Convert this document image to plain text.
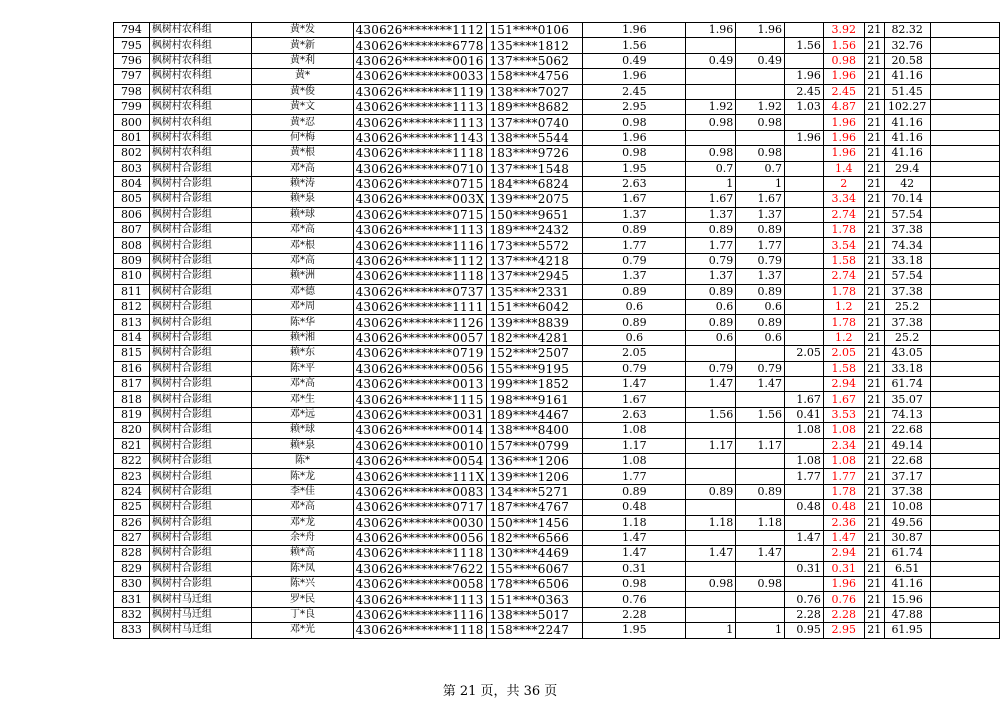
794	枫树村农科组	黄*发	430626********1112	151****0106	1.96	1.96	1.96		3.92	21	82.32	
795	枫树村农科组	黄*新	430626********6778	135****1812	1.56			1.56	1.56	21	32.76	
796	枫树村农科组	黄*利	430626********0016	137****5062	0.49	0.49	0.49		0.98	21	20.58	
797	枫树村农科组	黄*	430626********0033	158****4756	1.96			1.96	1.96	21	41.16	
798	枫树村农科组	黄*俊	430626********1119	138****7027	2.45			2.45	2.45	21	51.45	
799	枫树村农科组	黄*文	430626********1113	189****8682	2.95	1.92	1.92	1.03	4.87	21	102.27	
800	枫树村农科组	黄*忍	430626********1113	137****0740	0.98	0.98	0.98		1.96	21	41.16	
801	枫树村农科组	何*梅	430626********1143	138****5544	1.96			1.96	1.96	21	41.16	
802	枫树村农科组	黄*根	430626********1118	183****9726	0.98	0.98	0.98		1.96	21	41.16	
803	枫树村合影组	邓*高	430626********0710	137****1548	1.95	0.7	0.7		1.4	21	29.4	
804	枫树村合影组	赖*涛	430626********0715	184****6824	2.63	1	1		2	21	42	
805	枫树村合影组	赖*泉	430626********003X	139****2075	1.67	1.67	1.67		3.34	21	70.14	
806	枫树村合影组	赖*球	430626********0715	150****9651	1.37	1.37	1.37		2.74	21	57.54	
807	枫树村合影组	邓*高	430626********1113	189****2432	0.89	0.89	0.89		1.78	21	37.38	
808	枫树村合影组	邓*根	430626********1116	173****5572	1.77	1.77	1.77		3.54	21	74.34	
809	枫树村合影组	邓*高	430626********1112	137****4218	0.79	0.79	0.79		1.58	21	33.18	
810	枫树村合影组	赖*洲	430626********1118	137****2945	1.37	1.37	1.37		2.74	21	57.54	
811	枫树村合影组	邓*德	430626********0737	135****2331	0.89	0.89	0.89		1.78	21	37.38	
812	枫树村合影组	邓*周	430626********1111	151****6042	0.6	0.6	0.6		1.2	21	25.2	
813	枫树村合影组	陈*华	430626********1126	139****8839	0.89	0.89	0.89		1.78	21	37.38	
814	枫树村合影组	赖*湘	430626********0057	182****4281	0.6	0.6	0.6		1.2	21	25.2	
815	枫树村合影组	赖*东	430626********0719	152****2507	2.05			2.05	2.05	21	43.05	
816	枫树村合影组	陈*平	430626********0056	155****9195	0.79	0.79	0.79		1.58	21	33.18	
817	枫树村合影组	邓*高	430626********0013	199****1852	1.47	1.47	1.47		2.94	21	61.74	
818	枫树村合影组	邓*生	430626********1115	198****9161	1.67			1.67	1.67	21	35.07	
819	枫树村合影组	邓*远	430626********0031	189****4467	2.63	1.56	1.56	0.41	3.53	21	74.13	
820	枫树村合影组	赖*球	430626********0014	138****8400	1.08			1.08	1.08	21	22.68	
821	枫树村合影组	赖*泉	430626********0010	157****0799	1.17	1.17	1.17		2.34	21	49.14	
822	枫树村合影组	陈*	430626********0054	136****1206	1.08			1.08	1.08	21	22.68	
823	枫树村合影组	陈*龙	430626********111X	139****1206	1.77			1.77	1.77	21	37.17	
824	枫树村合影组	李*佳	430626********0083	134****5271	0.89	0.89	0.89		1.78	21	37.38	
825	枫树村合影组	邓*高	430626********0717	187****4767	0.48			0.48	0.48	21	10.08	
826	枫树村合影组	邓*龙	430626********0030	150****1456	1.18	1.18	1.18		2.36	21	49.56	
827	枫树村合影组	余*舟	430626********0056	182****6566	1.47			1.47	1.47	21	30.87	
828	枫树村合影组	赖*高	430626********1118	130****4469	1.47	1.47	1.47		2.94	21	61.74	
829	枫树村合影组	陈*凤	430626********7622	155****6067	0.31			0.31	0.31	21	6.51	
830	枫树村合影组	陈*兴	430626********0058	178****6506	0.98	0.98	0.98		1.96	21	41.16	
831	枫树村马迁组	罗*民	430626********1113	151****0363	0.76			0.76	0.76	21	15.96	
832	枫树村马迁组	丁*良	430626********1116	138****5017	2.28			2.28	2.28	21	47.88	
833	枫树村马迁组	邓*光	430626********1118	158****2247	1.95	1	1	0.95	2.95	21	61.95	
第 21 页，共 36 页
